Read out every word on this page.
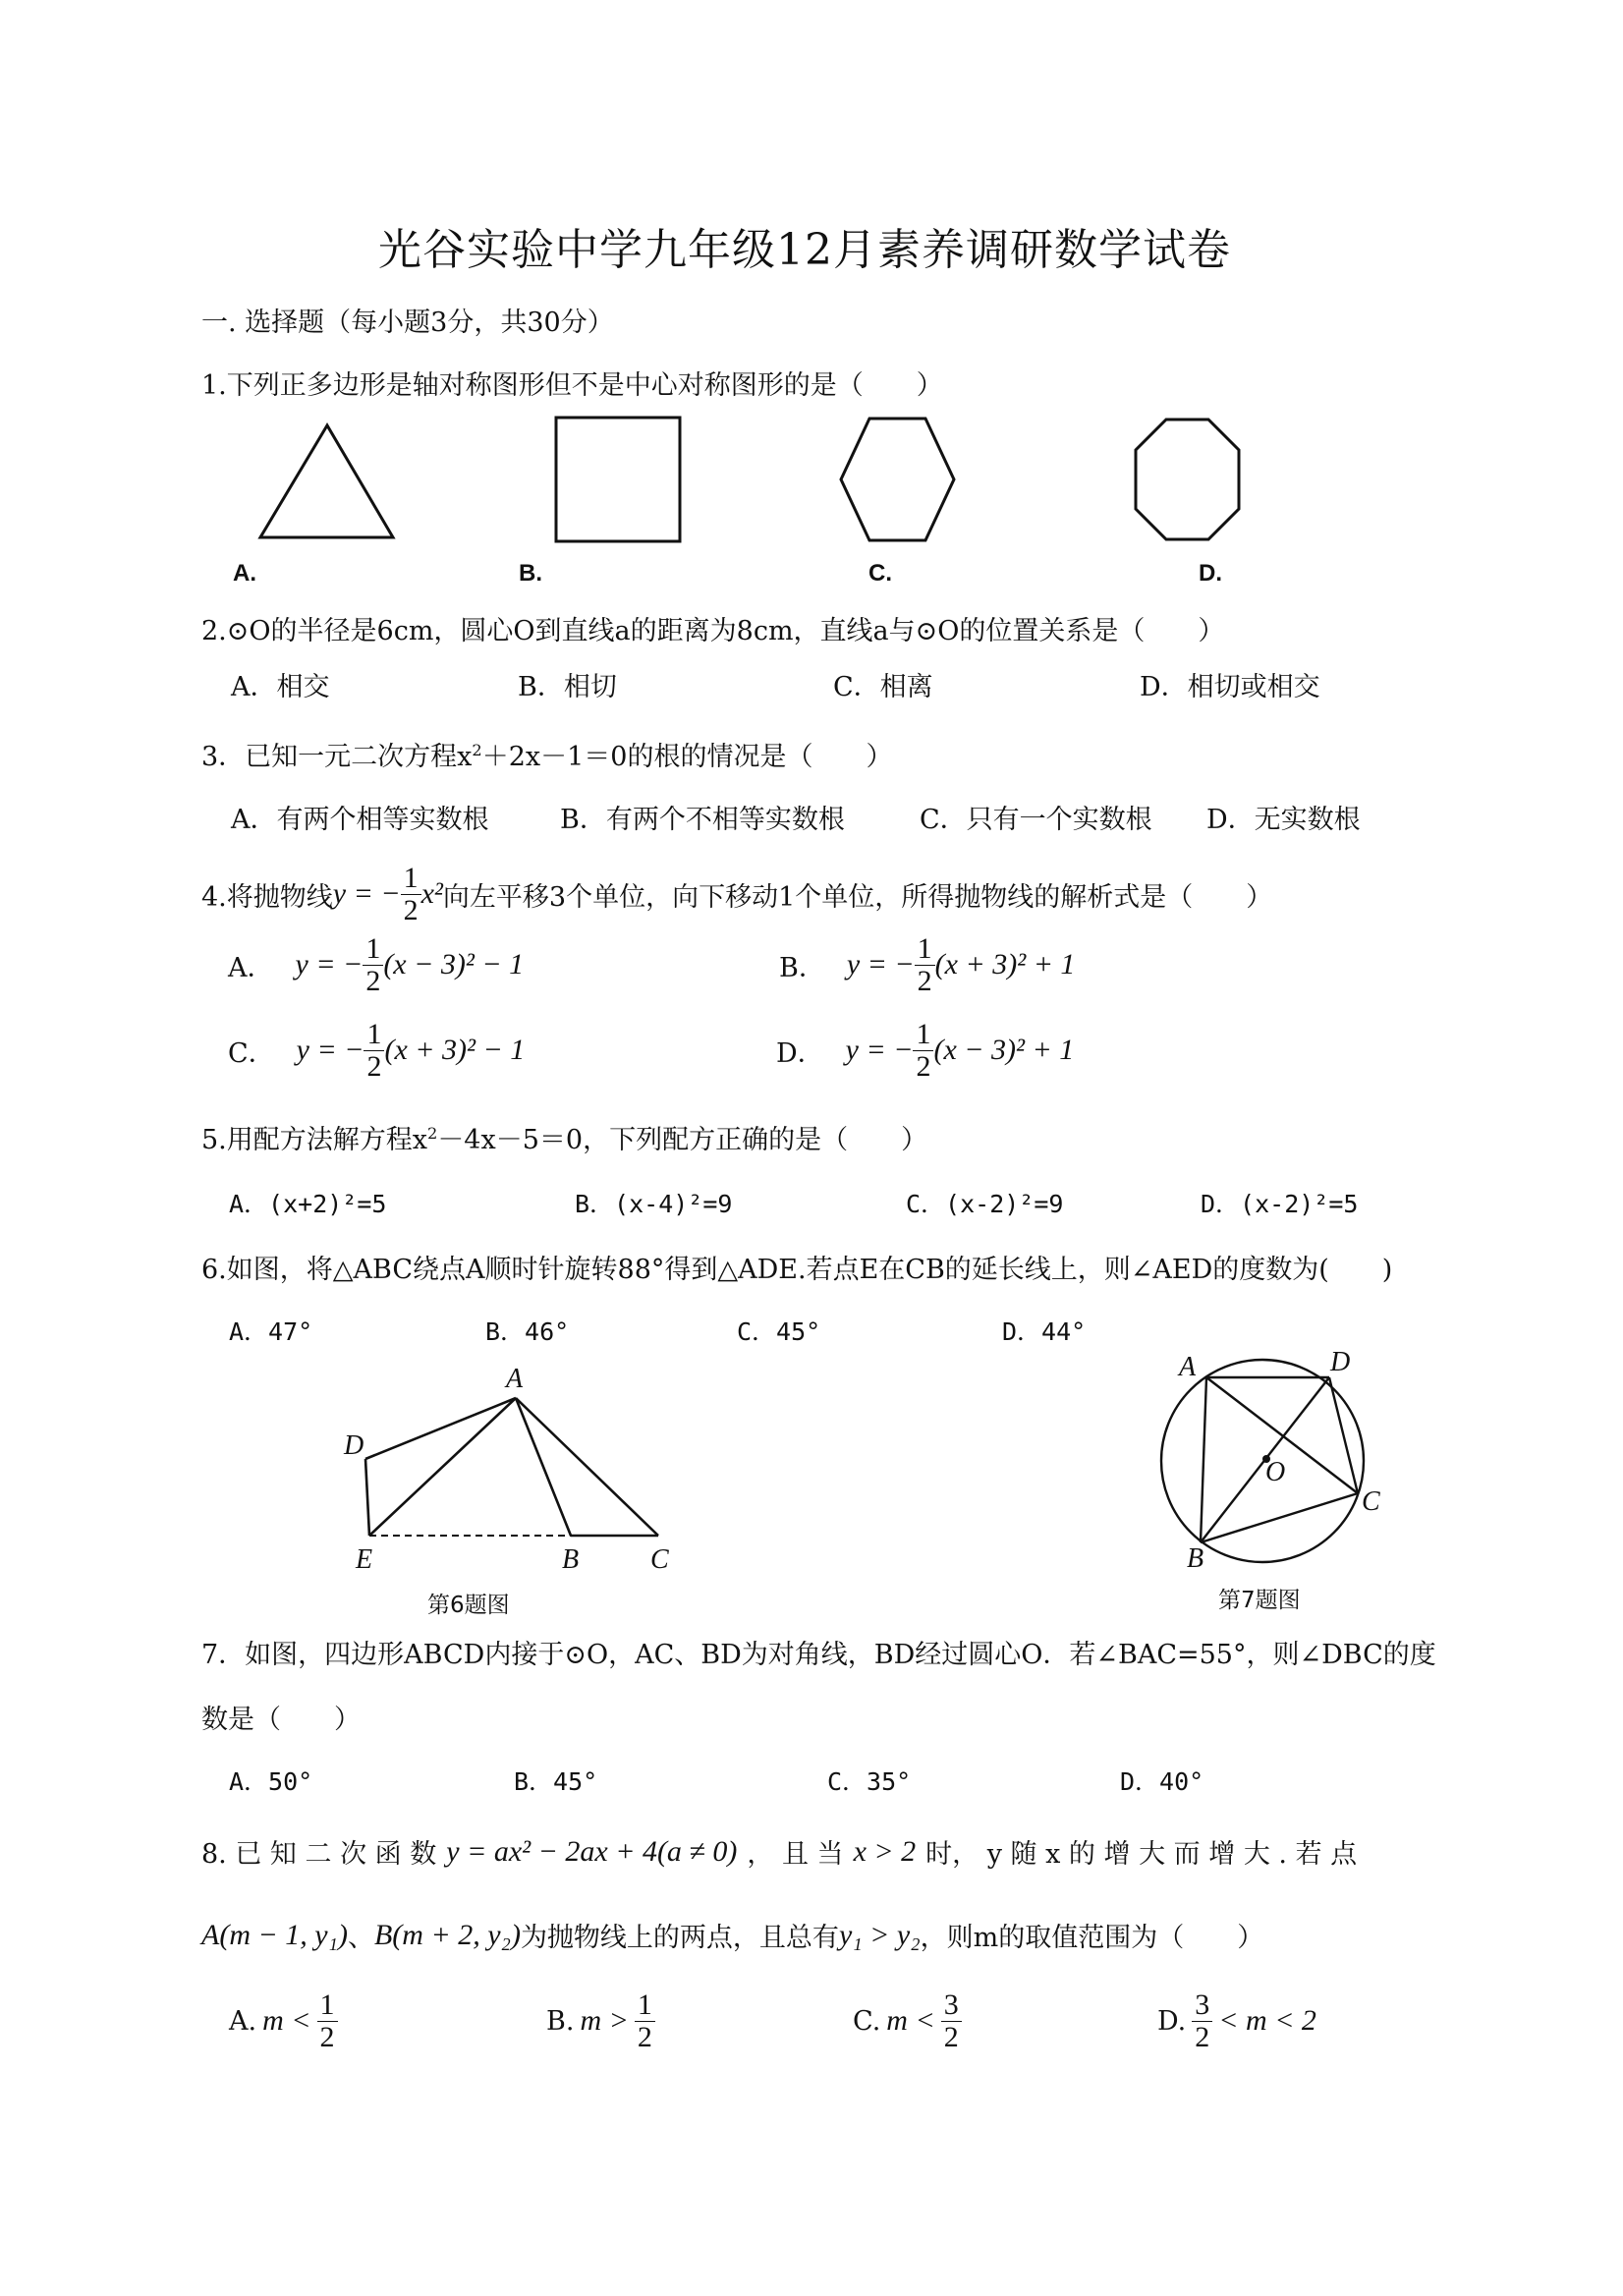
光谷实验中学九年级12月素养调研数学试卷
一. 选择题（每小题3分，共30分）
1.下列正多边形是轴对称图形但不是中心对称图形的是（　　）
A.	B.	C.	D.
2.⊙O的半径是6cm，圆心O到直线a的距离为8cm，直线a与⊙O的位置关系是（　　）
A．相交	B．相切	C．相离	D．相切或相交
3．已知一元二次方程$x^2+2x-1=0$的根的情况是（　　）
A．有两个相等实数根	B．有两个不相等实数根	C．只有一个实数根 D．无实数根
4.将抛物线 y = − $\frac{1}{2} x^2$ 向左平移3个单位，向下移动1个单位，所得抛物线的解析式是（　　）
A． y = − $\frac{1}{2} (x - 3)^2 - 1$	B． y = − $\frac{1}{2} (x + 3)^2 + 1$
C． y = − $\frac{1}{2} (x + 3)^2 - 1$	D． y = − $\frac{1}{2} (x - 3)^2 + 1$
5.用配方法解方程$x^2-4x-5=0$，下列配方正确的是（　　）
A．(x+2)²=5	B．(x-4)²=9	C．(x-2)²=9	D．(x-2)²=5
6.如图，将△ABC绕点A顺时针旋转88°得到△ADE.若点E在CB的延长线上，则∠AED的度数为(　　)
A．47°	B．46°	C．45°	D．44°
A
D
E	B	C
第6题图
A	D
O
C
B
第7题图
7．如图，四边形ABCD内接于⊙O，AC、BD为对角线，BD经过圆心O．若∠BAC=55°，则∠DBC的度
数是（　　）
A．50°	B．45°	C．35°	D．40°
8. 已 知 二 次 函 数 y = ax² − 2ax + 4(a ≠ 0) ， 且 当 x > 2 时， y 随 x 的 增 大 而 增 大 . 若 点
A(m − 1, y₁) 、 B(m + 2, y₂) 为抛物线上的两点，且总有 y₁ > y₂ ，则m的取值范围为（　　）
A. $m < \frac{1}{2}$	B. $m > \frac{1}{2}$	C. $m < \frac{3}{2}$	D. $\frac{3}{2} < m < 2$
